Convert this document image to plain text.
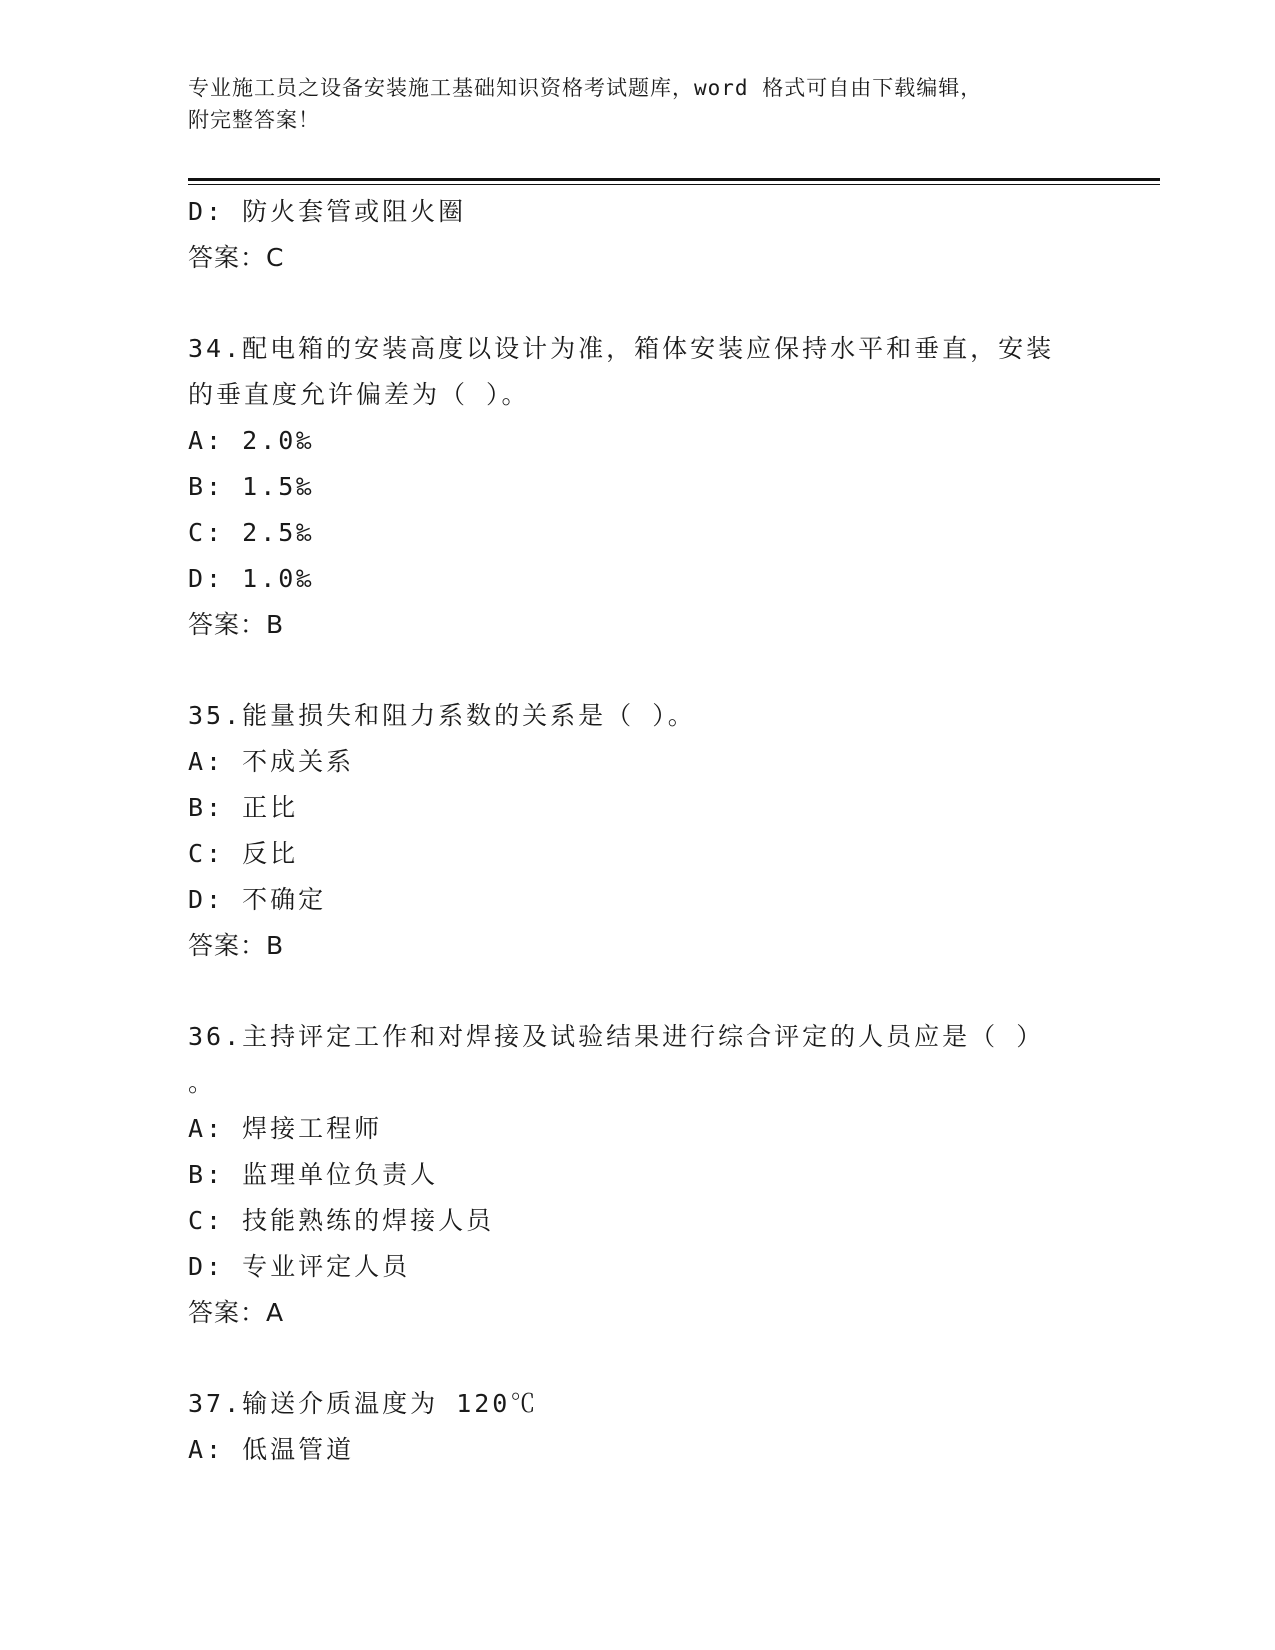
专业施工员之设备安装施工基础知识资格考试题库，word 格式可自由下载编辑，
附完整答案！
D: 防火套管或阻火圈
答案：C
34.配电箱的安装高度以设计为准，箱体安装应保持水平和垂直，安装
的垂直度允许偏差为（ ）。
A: 2.0‰
B: 1.5‰
C: 2.5‰
D: 1.0‰
答案：B
35.能量损失和阻力系数的关系是（ ）。
A: 不成关系
B: 正比
C: 反比
D: 不确定
答案：B
36.主持评定工作和对焊接及试验结果进行综合评定的人员应是（ ）
。
A: 焊接工程师
B: 监理单位负责人
C: 技能熟练的焊接人员
D: 专业评定人员
答案：A
37.输送介质温度为 120℃
A: 低温管道
